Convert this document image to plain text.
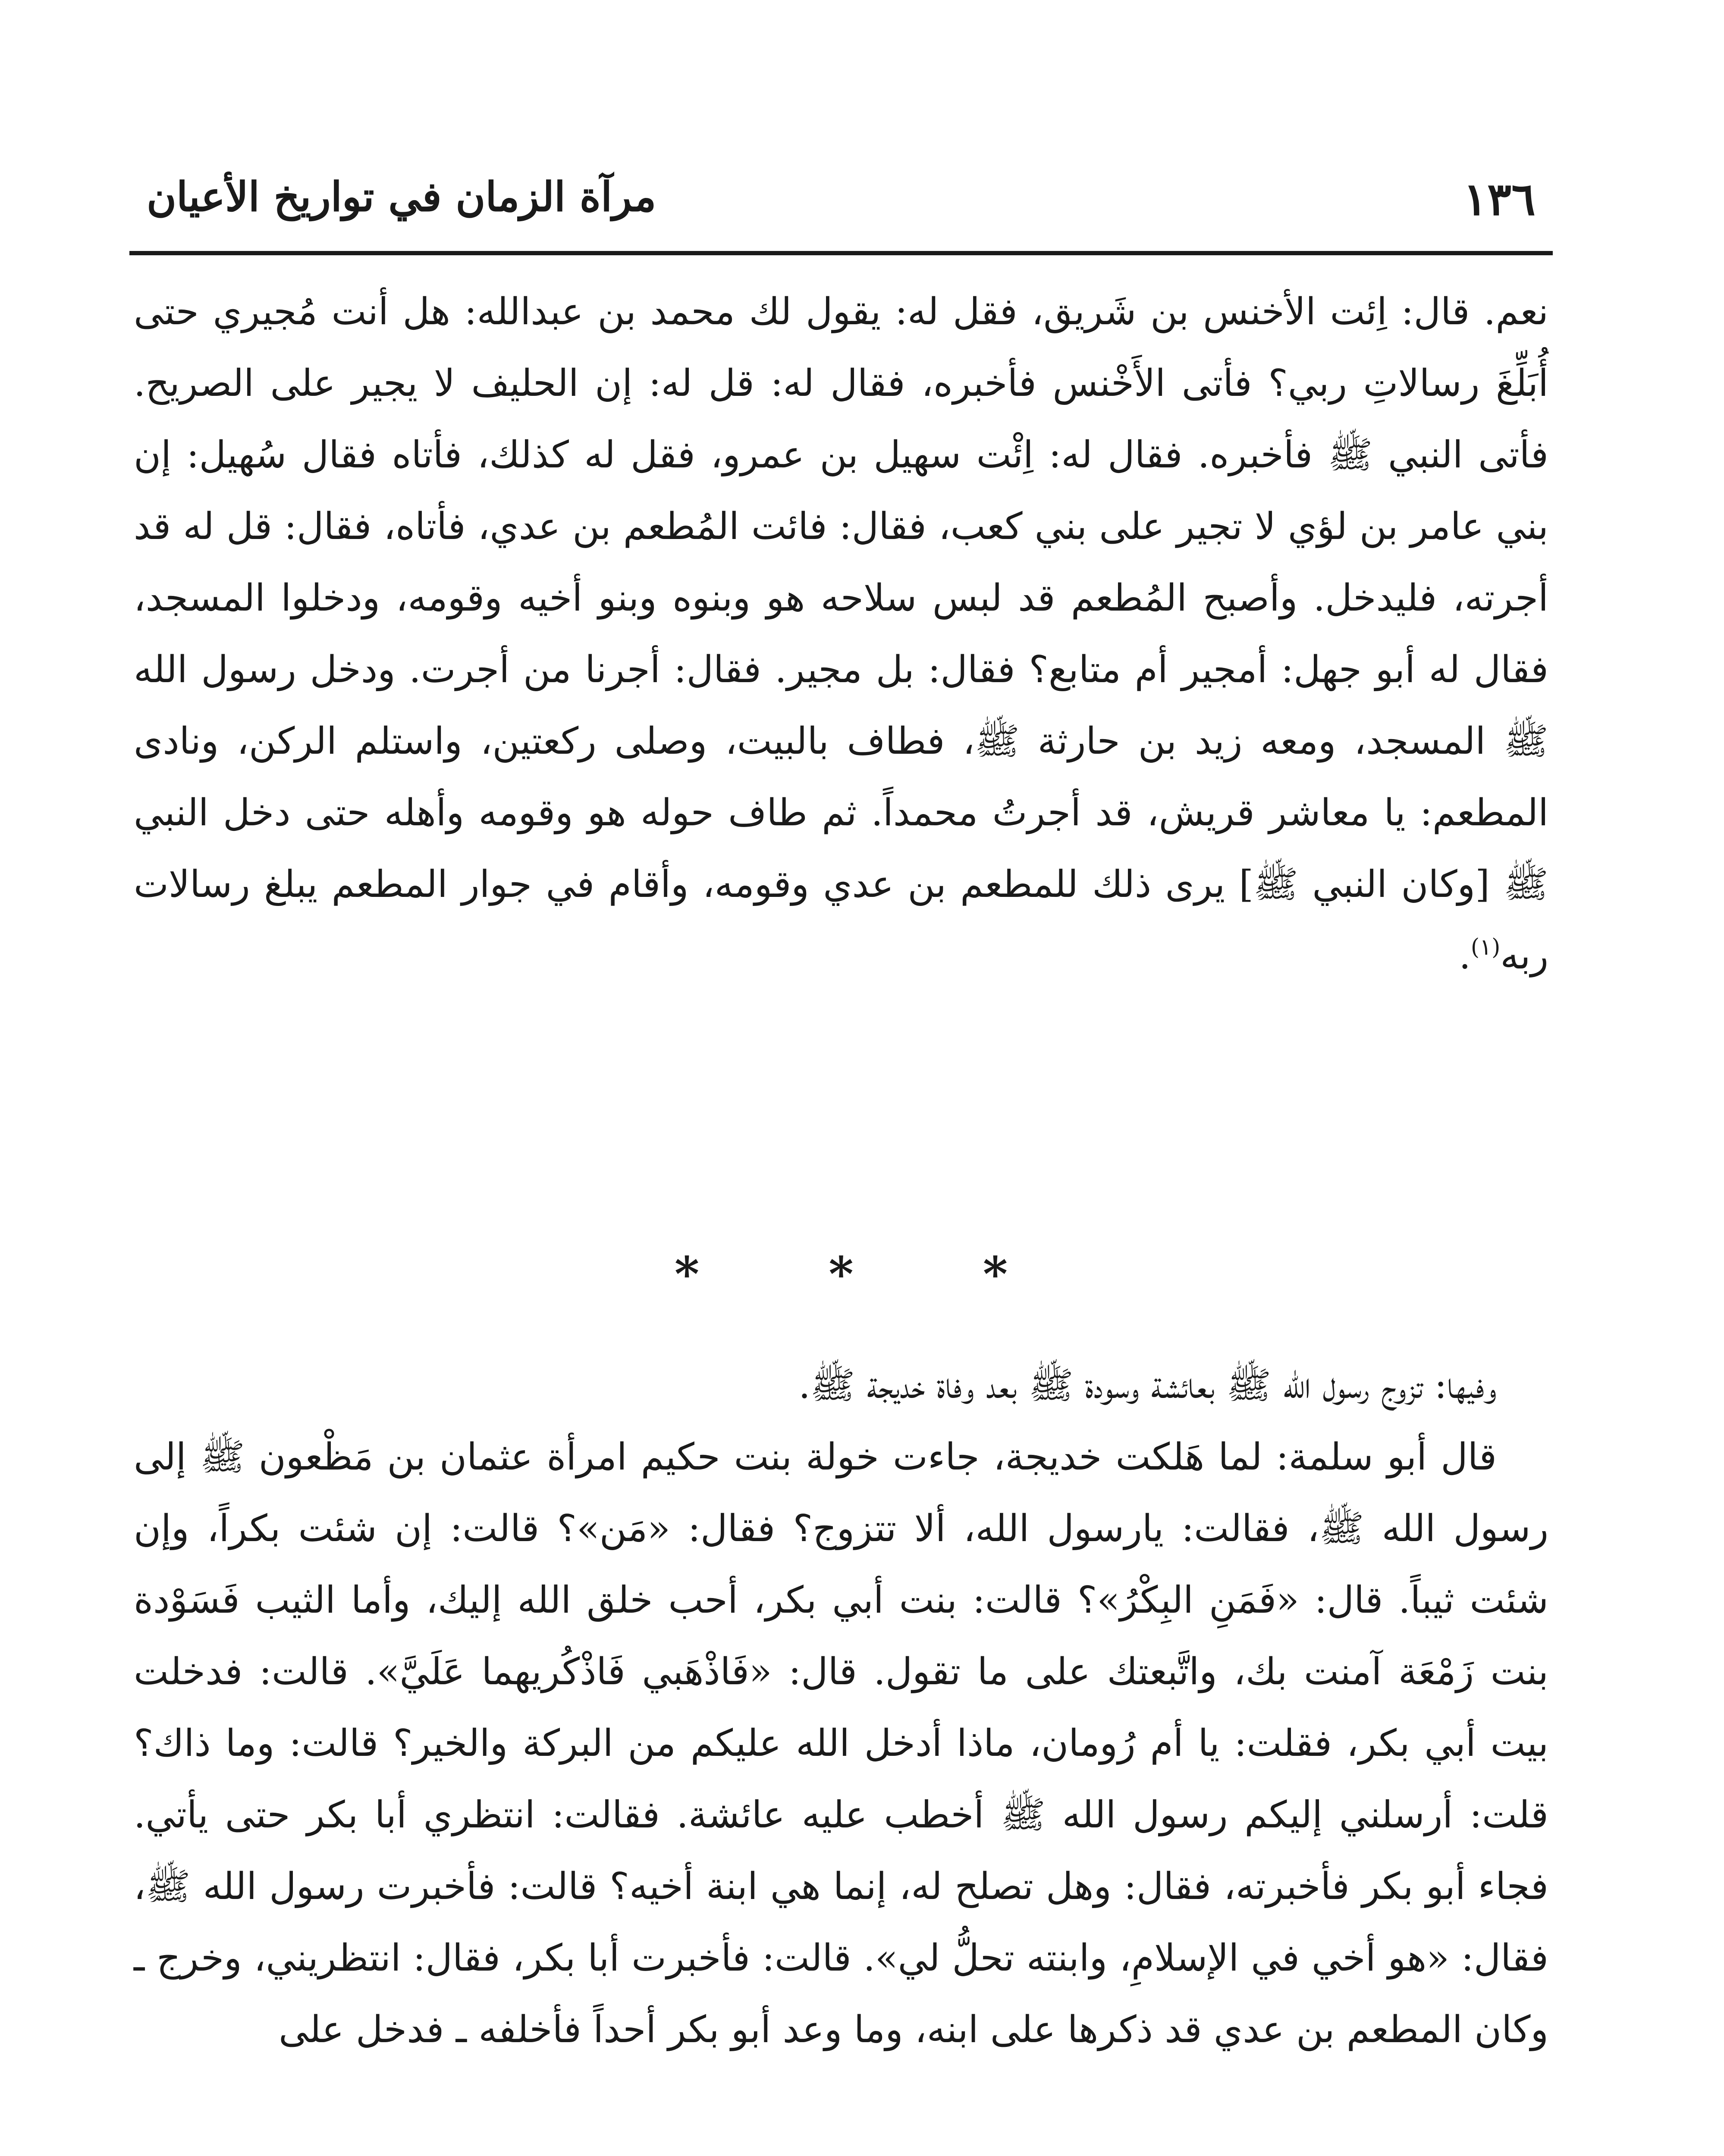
١٣٦
مرآة الزمان في تواريخ الأعيان

نعم. قال: اِئت الأخنس بن شَريق، فقل له: يقول لك محمد بن عبدالله: هل أنت مُجيري حتى أُبَلِّغَ رسالاتِ ربي؟ فأتى الأَخْنس فأخبره، فقال له: قل له: إن الحليف لا يجير على الصريح. فأتى النبي ﷺ فأخبره. فقال له: اِئْت سهيل بن عمرو، فقل له كذلك، فأتاه فقال سُهيل: إن بني عامر بن لؤي لا تجير على بني كعب، فقال: فائت المُطعم بن عدي، فأتاه، فقال: قل له قد أجرته، فليدخل. وأصبح المُطعم قد لبس سلاحه هو وبنوه وبنو أخيه وقومه، ودخلوا المسجد، فقال له أبو جهل: أمجير أم متابع؟ فقال: بل مجير. فقال: أجرنا من أجرت. ودخل رسول الله ﷺ المسجد، ومعه زيد بن حارثة ﷺ، فطاف بالبيت، وصلى ركعتين، واستلم الركن، ونادى المطعم: يا معاشر قريش، قد أجرتُ محمداً. ثم طاف حوله هو وقومه وأهله حتى دخل النبي ﷺ [وكان النبي ﷺ] يرى ذلك للمطعم بن عدي وقومه، وأقام في جوار المطعم يبلغ رسالات ربه$^{(١)}$.

*
*
*

وفيها: تزوج رسول الله ﷺ بعائشة وسودة ﷺ بعد وفاة خديجة ﷺ.

قال أبو سلمة: لما هَلكت خديجة، جاءت خولة بنت حكيم امرأة عثمان بن مَظْعون ﷺ إلى رسول الله ﷺ، فقالت: يارسول الله، ألا تتزوج؟ فقال: «مَن»؟ قالت: إن شئت بكراً، وإن شئت ثيباً. قال: «فَمَنِ البِكْرُ»؟ قالت: بنت أبي بكر، أحب خلق الله إليك، وأما الثيب فَسَوْدة بنت زَمْعَة آمنت بك، واتَّبعتك على ما تقول. قال: «فَاذْهَبي فَاذْكُريهما عَلَيَّ». قالت: فدخلت بيت أبي بكر، فقلت: يا أم رُومان، ماذا أدخل الله عليكم من البركة والخير؟ قالت: وما ذاك؟ قلت: أرسلني إليكم رسول الله ﷺ أخطب عليه عائشة. فقالت: انتظري أبا بكر حتى يأتي. فجاء أبو بكر فأخبرته، فقال: وهل تصلح له، إنما هي ابنة أخيه؟ قالت: فأخبرت رسول الله ﷺ، فقال: «هو أخي في الإسلامِ، وابنته تحلُّ لي». قالت: فأخبرت أبا بكر، فقال: انتظريني، وخرج ـ وكان المطعم بن عدي قد ذكرها على ابنه، وما وعد أبو بكر أحداً فأخلفه ـ فدخل على
